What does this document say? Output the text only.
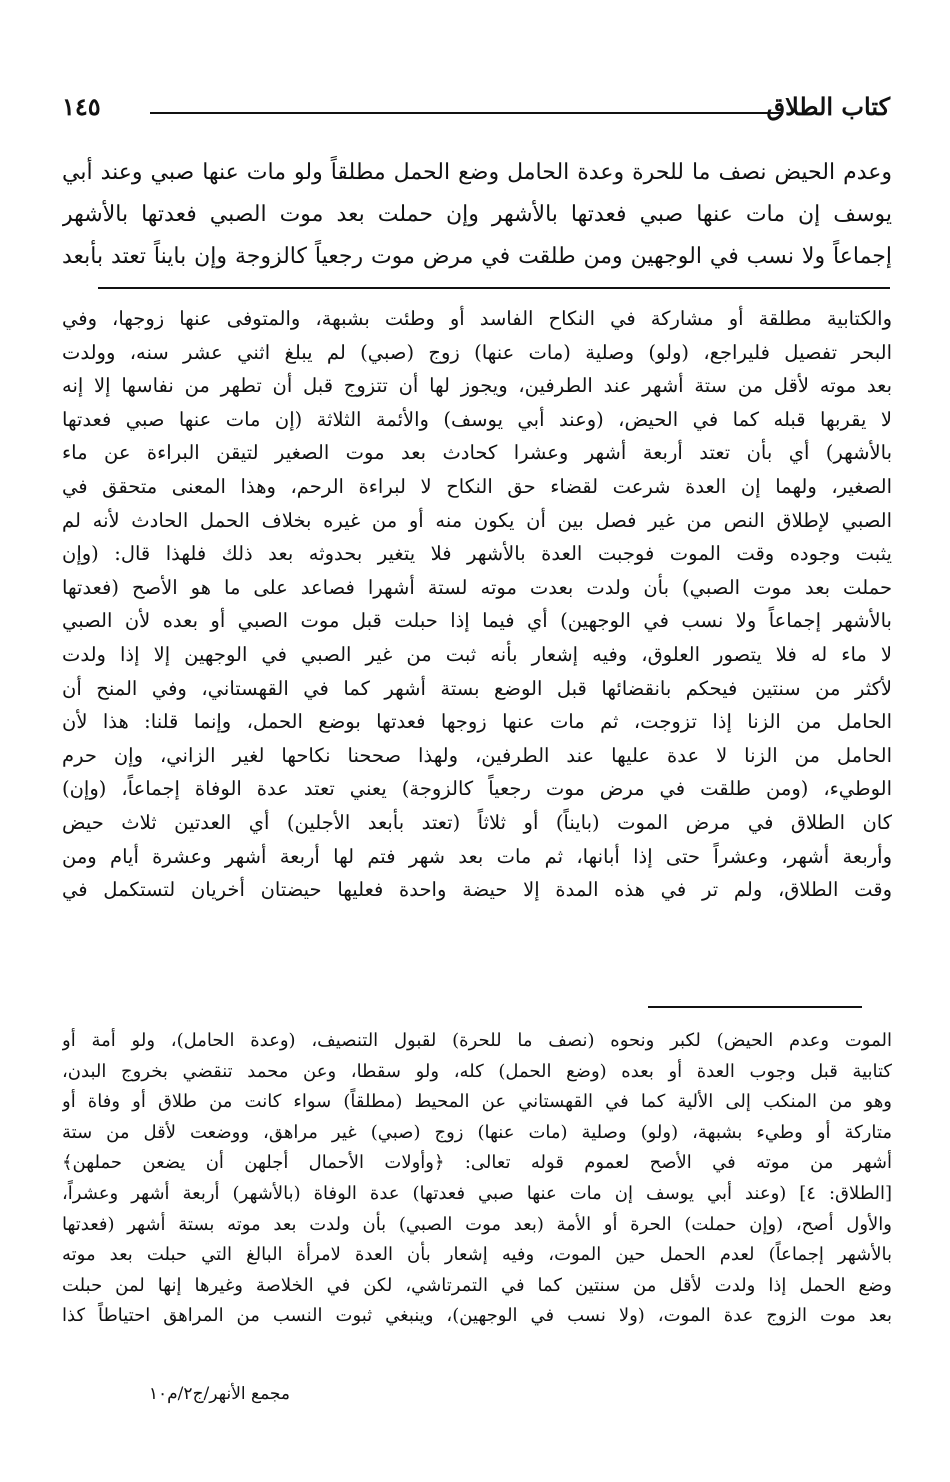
كتاب الطلاق
١٤٥
وعدم الحيض نصف ما للحرة وعدة الحامل وضع الحمل مطلقاً ولو مات عنها صبي وعند أبي
يوسف إن مات عنها صبي فعدتها بالأشهر وإن حملت بعد موت الصبي فعدتها بالأشهر
إجماعاً ولا نسب في الوجهين ومن طلقت في مرض موت رجعياً كالزوجة وإن بايناً تعتد بأبعد
والكتابية مطلقة أو مشاركة في النكاح الفاسد أو وطئت بشبهة، والمتوفى عنها زوجها، وفي
البحر تفصيل فليراجع، (ولو) وصلية (مات عنها) زوج (صبي) لم يبلغ اثني عشر سنه، وولدت
بعد موته لأقل من ستة أشهر عند الطرفين، ويجوز لها أن تتزوج قبل أن تطهر من نفاسها إلا إنه
لا يقربها قبله كما في الحيض، (وعند أبي يوسف) والأئمة الثلاثة (إن مات عنها صبي فعدتها
بالأشهر) أي بأن تعتد أربعة أشهر وعشرا كحادث بعد موت الصغير لتيقن البراءة عن ماء
الصغير، ولهما إن العدة شرعت لقضاء حق النكاح لا لبراءة الرحم، وهذا المعنى متحقق في
الصبي لإطلاق النص من غير فصل بين أن يكون منه أو من غيره بخلاف الحمل الحادث لأنه لم
يثبت وجوده وقت الموت فوجبت العدة بالأشهر فلا يتغير بحدوثه بعد ذلك فلهذا قال: (وإن
حملت بعد موت الصبي) بأن ولدت بعدت موته لستة أشهرا فصاعد على ما هو الأصح (فعدتها
بالأشهر إجماعاً ولا نسب في الوجهين) أي فيما إذا حبلت قبل موت الصبي أو بعده لأن الصبي
لا ماء له فلا يتصور العلوق، وفيه إشعار بأنه ثبت من غير الصبي في الوجهين إلا إذا ولدت
لأكثر من سنتين فيحكم بانقضائها قبل الوضع بستة أشهر كما في القهستاني، وفي المنح أن
الحامل من الزنا إذا تزوجت، ثم مات عنها زوجها فعدتها بوضع الحمل، وإنما قلنا: هذا لأن
الحامل من الزنا لا عدة عليها عند الطرفين، ولهذا صححنا نكاحها لغير الزاني، وإن حرم
الوطيء، (ومن طلقت في مرض موت رجعياً كالزوجة) يعني تعتد عدة الوفاة إجماعاً، (وإن)
كان الطلاق في مرض الموت (بايناً) أو ثلاثاً (تعتد بأبعد الأجلين) أي العدتين ثلاث حيض
وأربعة أشهر، وعشراً حتى إذا أبانها، ثم مات بعد شهر فتم لها أربعة أشهر وعشرة أيام ومن
وقت الطلاق، ولم تر في هذه المدة إلا حيضة واحدة فعليها حيضتان أخريان لتستكمل في
الموت وعدم الحيض) لكبر ونحوه (نصف ما للحرة) لقبول التنصيف، (وعدة الحامل)، ولو أمة أو
كتابية قبل وجوب العدة أو بعده (وضع الحمل) كله، ولو سقطا، وعن محمد تنقضي بخروج البدن،
وهو من المنكب إلى الألية كما في القهستاني عن المحيط (مطلقاً) سواء كانت من طلاق أو وفاة أو
متاركة أو وطيء بشبهة، (ولو) وصلية (مات عنها) زوج (صبي) غير مراهق، ووضعت لأقل من ستة
أشهر من موته في الأصح لعموم قوله تعالى: ﴿وأولات الأحمال أجلهن أن يضعن حملهن﴾
[الطلاق: ٤] (وعند أبي يوسف إن مات عنها صبي فعدتها) عدة الوفاة (بالأشهر) أربعة أشهر وعشراً،
والأول أصح، (وإن حملت) الحرة أو الأمة (بعد موت الصبي) بأن ولدت بعد موته بستة أشهر (فعدتها
بالأشهر إجماعاً) لعدم الحمل حين الموت، وفيه إشعار بأن العدة لامرأة البالغ التي حبلت بعد موته
وضع الحمل إذا ولدت لأقل من سنتين كما في التمرتاشي، لكن في الخلاصة وغيرها إنها لمن حبلت
بعد موت الزوج عدة الموت، (ولا نسب في الوجهين)، وينبغي ثبوت النسب من المراهق احتياطاً كذا
مجمع الأنهر/ج٢/م١٠
